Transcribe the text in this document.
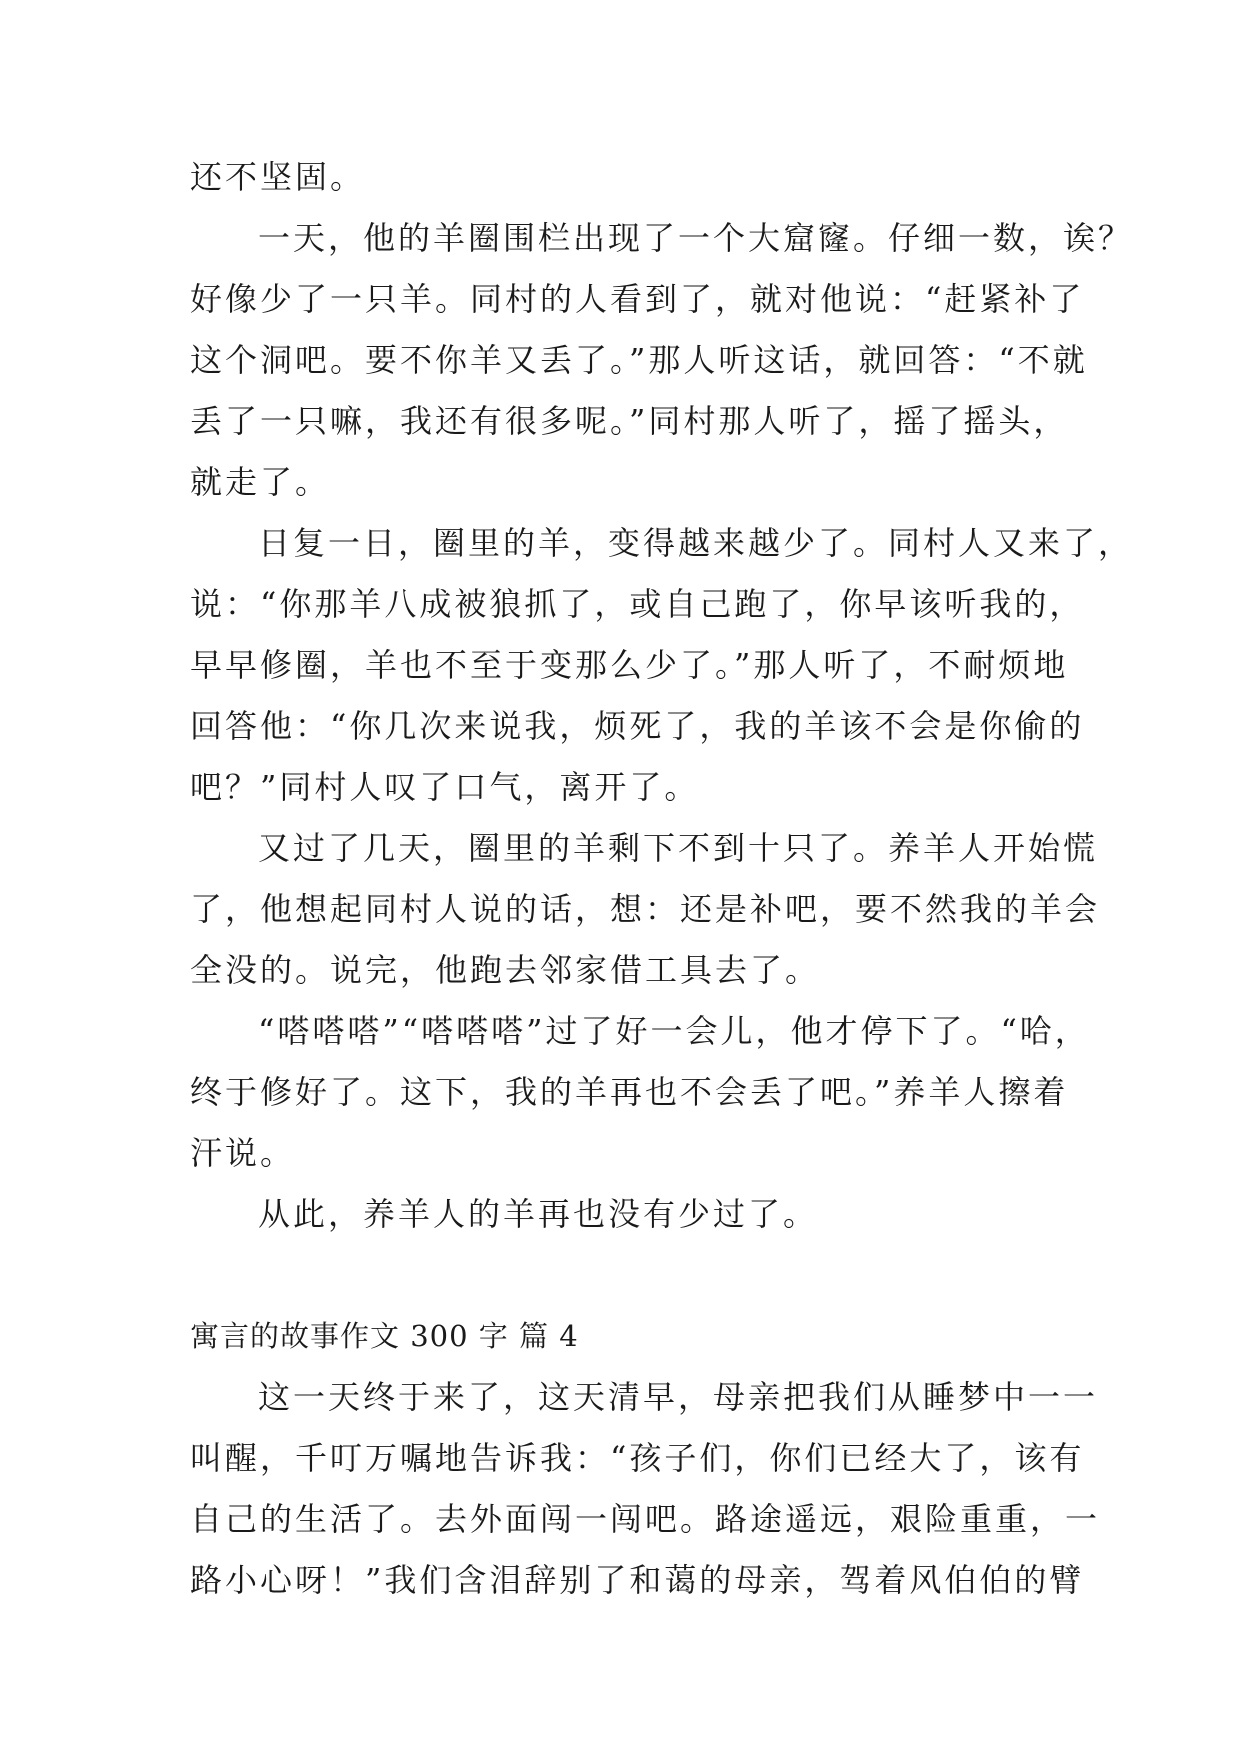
还不坚固。
一天，他的羊圈围栏出现了一个大窟窿。仔细一数，诶？
好像少了一只羊。同村的人看到了，就对他说：“赶紧补了
这个洞吧。要不你羊又丢了。”那人听这话，就回答：“不就
丢了一只嘛，我还有很多呢。”同村那人听了，摇了摇头，
就走了。
日复一日，圈里的羊，变得越来越少了。同村人又来了，
说：“你那羊八成被狼抓了，或自己跑了，你早该听我的，
早早修圈，羊也不至于变那么少了。”那人听了，不耐烦地
回答他：“你几次来说我，烦死了，我的羊该不会是你偷的
吧？”同村人叹了口气，离开了。
又过了几天，圈里的羊剩下不到十只了。养羊人开始慌
了，他想起同村人说的话，想：还是补吧，要不然我的羊会
全没的。说完，他跑去邻家借工具去了。
“嗒嗒嗒”“嗒嗒嗒”过了好一会儿，他才停下了。“哈，
终于修好了。这下，我的羊再也不会丢了吧。”养羊人擦着
汗说。
从此，养羊人的羊再也没有少过了。
寓言的故事作文 300 字 篇 4
这一天终于来了，这天清早，母亲把我们从睡梦中一一
叫醒，千叮万嘱地告诉我：“孩子们，你们已经大了，该有
自己的生活了。去外面闯一闯吧。路途遥远，艰险重重，一
路小心呀！”我们含泪辞别了和蔼的母亲，驾着风伯伯的臂
